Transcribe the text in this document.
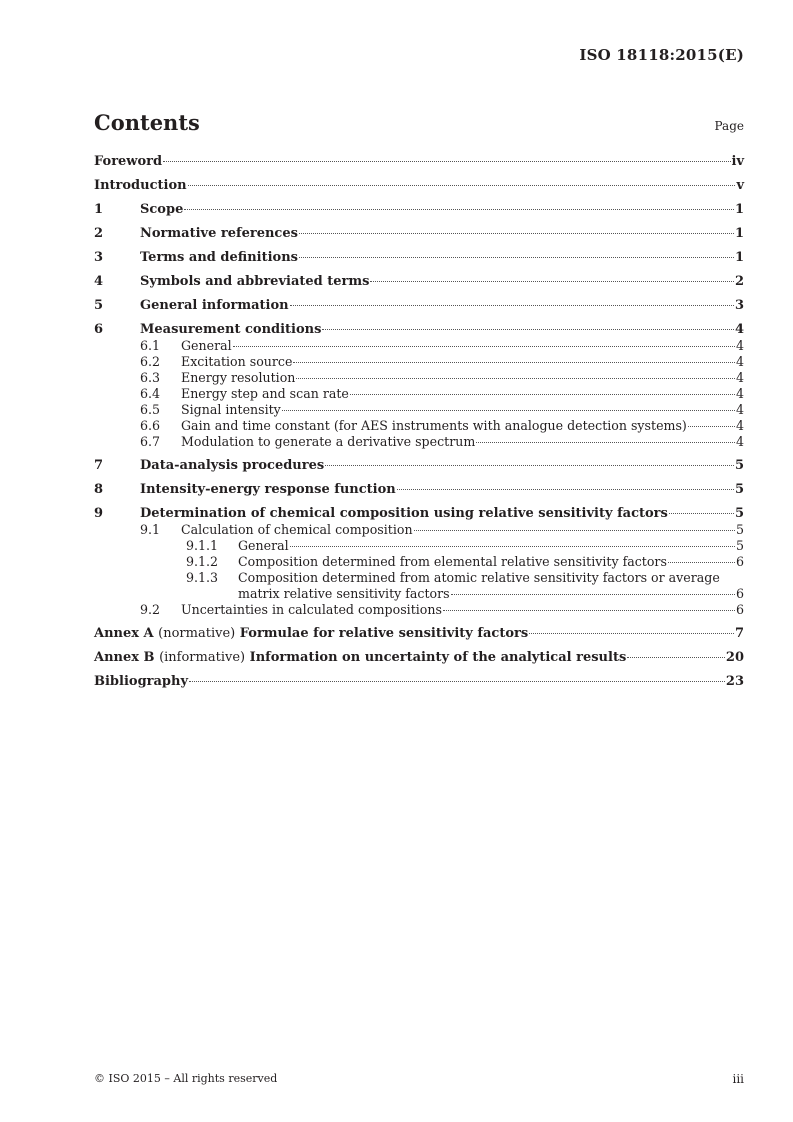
ISO 18118:2015(E)
Contents	Page
Foreword	iv
Introduction	v
1	Scope	1
2	Normative references	1
3	Terms and definitions	1
4	Symbols and abbreviated terms	2
5	General information	3
6	Measurement conditions	4
6.1	General	4
6.2	Excitation source	4
6.3	Energy resolution	4
6.4	Energy step and scan rate	4
6.5	Signal intensity	4
6.6	Gain and time constant (for AES instruments with analogue detection systems)	4
6.7	Modulation to generate a derivative spectrum	4
7	Data-analysis procedures	5
8	Intensity-energy response function	5
9	Determination of chemical composition using relative sensitivity factors	5
9.1	Calculation of chemical composition	5
9.1.1	General	5
9.1.2	Composition determined from elemental relative sensitivity factors	6
9.1.3	Composition determined from atomic relative sensitivity factors or average
matrix relative sensitivity factors	6
9.2	Uncertainties in calculated compositions	6
Annex A (normative) Formulae for relative sensitivity factors	7
Annex B (informative) Information on uncertainty of the analytical results	20
Bibliography	23
© ISO 2015 – All rights reserved	iii
